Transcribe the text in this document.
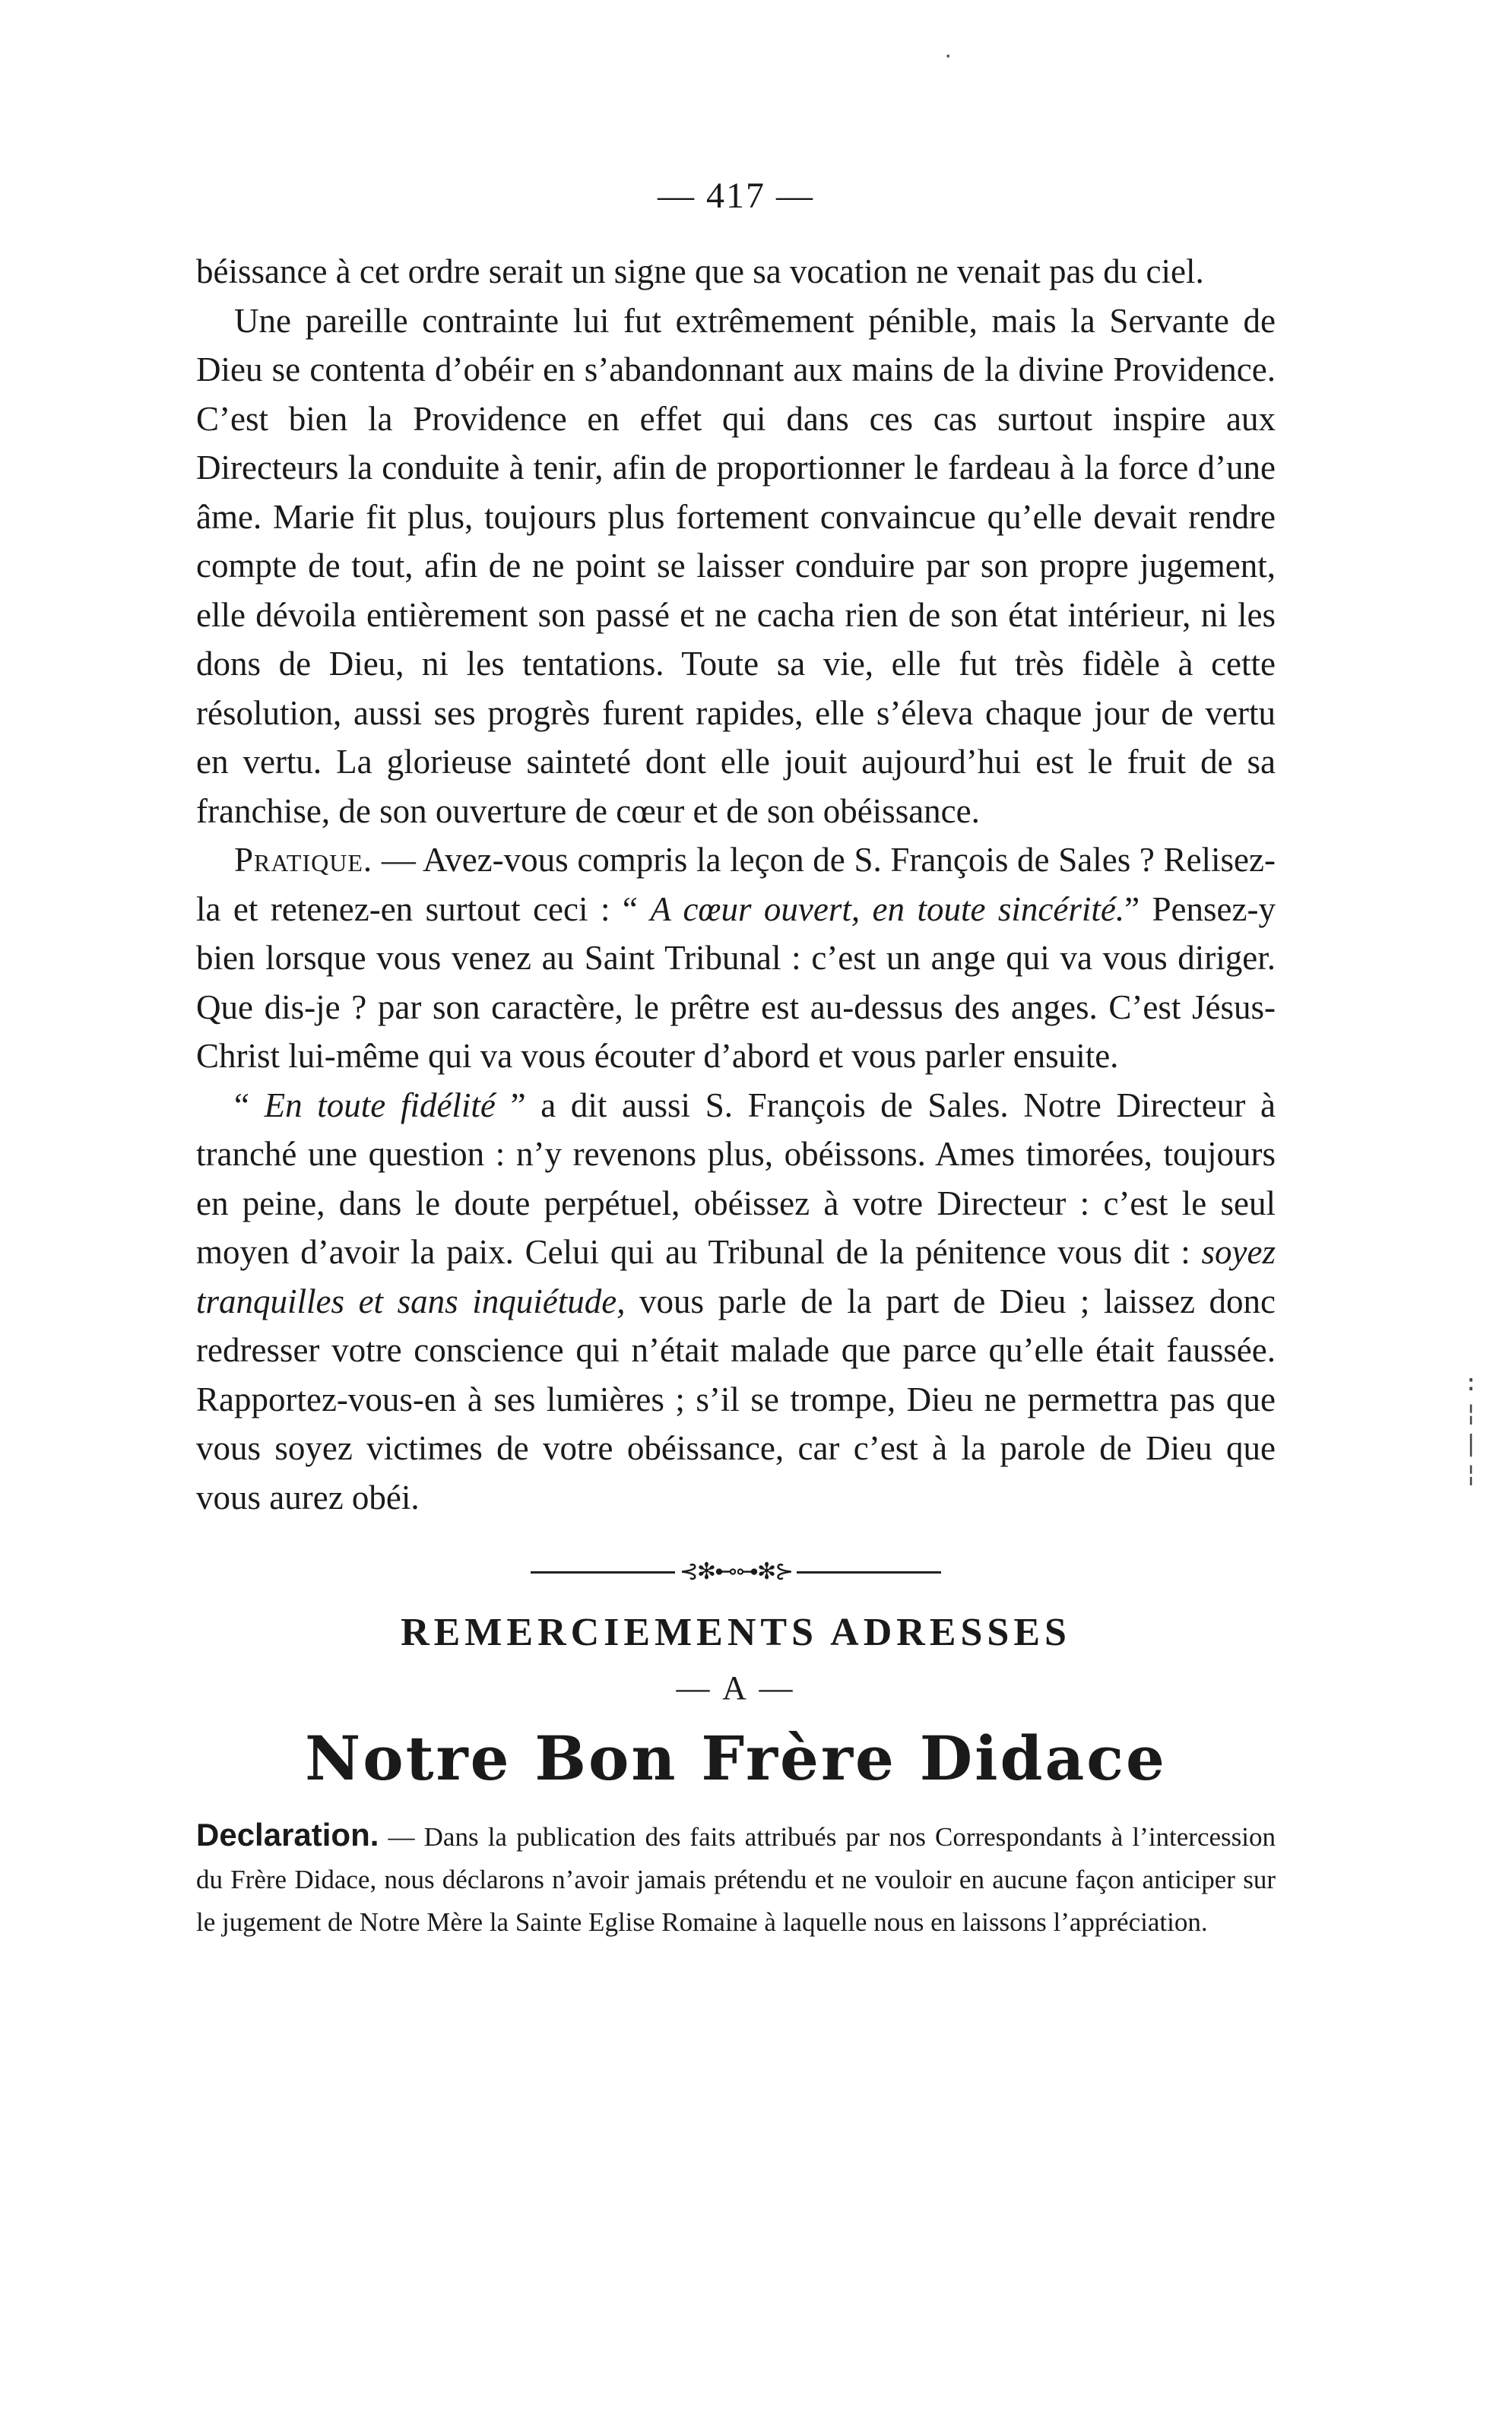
— 417 —

béissance à cet ordre serait un signe que sa vocation ne venait pas du ciel.

Une pareille contrainte lui fut extrêmement pénible, mais la Servante de Dieu se contenta d’obéir en s’abandonnant aux mains de la divine Providence. C’est bien la Providence en effet qui dans ces cas surtout inspire aux Directeurs la conduite à tenir, afin de proportionner le fardeau à la force d’une âme. Marie fit plus, toujours plus fortement convaincue qu’elle devait rendre compte de tout, afin de ne point se laisser conduire par son propre jugement, elle dévoila entièrement son passé et ne cacha rien de son état intérieur, ni les dons de Dieu, ni les tentations. Toute sa vie, elle fut très fidèle à cette résolution, aussi ses progrès furent rapides, elle s’éleva chaque jour de vertu en vertu. La glorieuse sainteté dont elle jouit aujourd’hui est le fruit de sa franchise, de son ouverture de cœur et de son obéissance.

Pratique. — Avez-vous compris la leçon de S. François de Sales ? Relisez-la et retenez-en surtout ceci : “ A cœur ouvert, en toute sincérité.” Pensez-y bien lorsque vous venez au Saint Tribunal : c’est un ange qui va vous diriger. Que dis-je ? par son caractère, le prêtre est au-dessus des anges. C’est Jésus-Christ lui-même qui va vous écouter d’abord et vous parler ensuite.

“ En toute fidélité ” a dit aussi S. François de Sales. Notre Directeur à tranché une question : n’y revenons plus, obéissons. Ames timorées, toujours en peine, dans le doute perpétuel, obéissez à votre Directeur : c’est le seul moyen d’avoir la paix. Celui qui au Tribunal de la pénitence vous dit : soyez tranquilles et sans inquiétude, vous parle de la part de Dieu ; laissez donc redresser votre conscience qui n’était malade que parce qu’elle était faussée. Rapportez-vous-en à ses lumières ; s’il se trompe, Dieu ne permettra pas que vous soyez victimes de votre obéissance, car c’est à la parole de Dieu que vous aurez obéi.

⊰✻⊷⊶✻⊱
REMERCIEMENTS ADRESSES
— A —
Notre Bon Frère Didace

Declaration. — Dans la publication des faits attribués par nos Correspondants à l’intercession du Frère Didace, nous déclarons n’avoir jamais prétendu et ne vouloir en aucune façon anticiper sur le jugement de Notre Mère la Sainte Eglise Romaine à laquelle nous en laissons l’appréciation.

:
¦
|
¦
·
